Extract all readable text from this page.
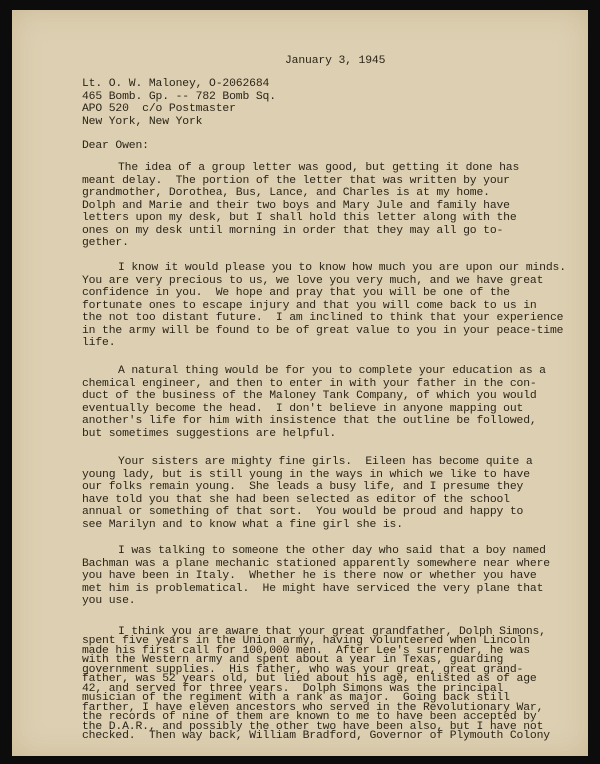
January 3, 1945

Lt. O. W. Maloney, O-2062684

465 Bomb. Gp. -- 782 Bomb Sq.

APO 520  c/o Postmaster

New York, New York

Dear Owen:

The idea of a group letter was good, but getting it done has

meant delay.  The portion of the letter that was written by your

grandmother, Dorothea, Bus, Lance, and Charles is at my home.

Dolph and Marie and their two boys and Mary Jule and family have

letters upon my desk, but I shall hold this letter along with the

ones on my desk until morning in order that they may all go to-

gether.

I know it would please you to know how much you are upon our minds.

You are very precious to us, we love you very much, and we have great

confidence in you.  We hope and pray that you will be one of the

fortunate ones to escape injury and that you will come back to us in

the not too distant future.  I am inclined to think that your experience

in the army will be found to be of great value to you in your peace-time

life.

A natural thing would be for you to complete your education as a

chemical engineer, and then to enter in with your father in the con-

duct of the business of the Maloney Tank Company, of which you would

eventually become the head.  I don't believe in anyone mapping out

another's life for him with insistence that the outline be followed,

but sometimes suggestions are helpful.

Your sisters are mighty fine girls.  Eileen has become quite a

young lady, but is still young in the ways in which we like to have

our folks remain young.  She leads a busy life, and I presume they

have told you that she had been selected as editor of the school

annual or something of that sort.  You would be proud and happy to

see Marilyn and to know what a fine girl she is.

I was talking to someone the other day who said that a boy named

Bachman was a plane mechanic stationed apparently somewhere near where

you have been in Italy.  Whether he is there now or whether you have

met him is problematical.  He might have serviced the very plane that

you use.

I think you are aware that your great grandfather, Dolph Simons,

spent five years in the Union army, having volunteered when Lincoln

made his first call for 100,000 men.  After Lee's surrender, he was

with the Western army and spent about a year in Texas, guarding

government supplies.  His father, who was your great, great grand-

father, was 52 years old, but lied about his age, enlisted as of age

42, and served for three years.  Dolph Simons was the principal

musician of the regiment with a rank as major.  Going back still

farther, I have eleven ancestors who served in the Revolutionary War,

the records of nine of them are known to me to have been accepted by

the D.A.R., and possibly the other two have been also, but I have not

checked.  Then way back, William Bradford, Governor of Plymouth Colony
